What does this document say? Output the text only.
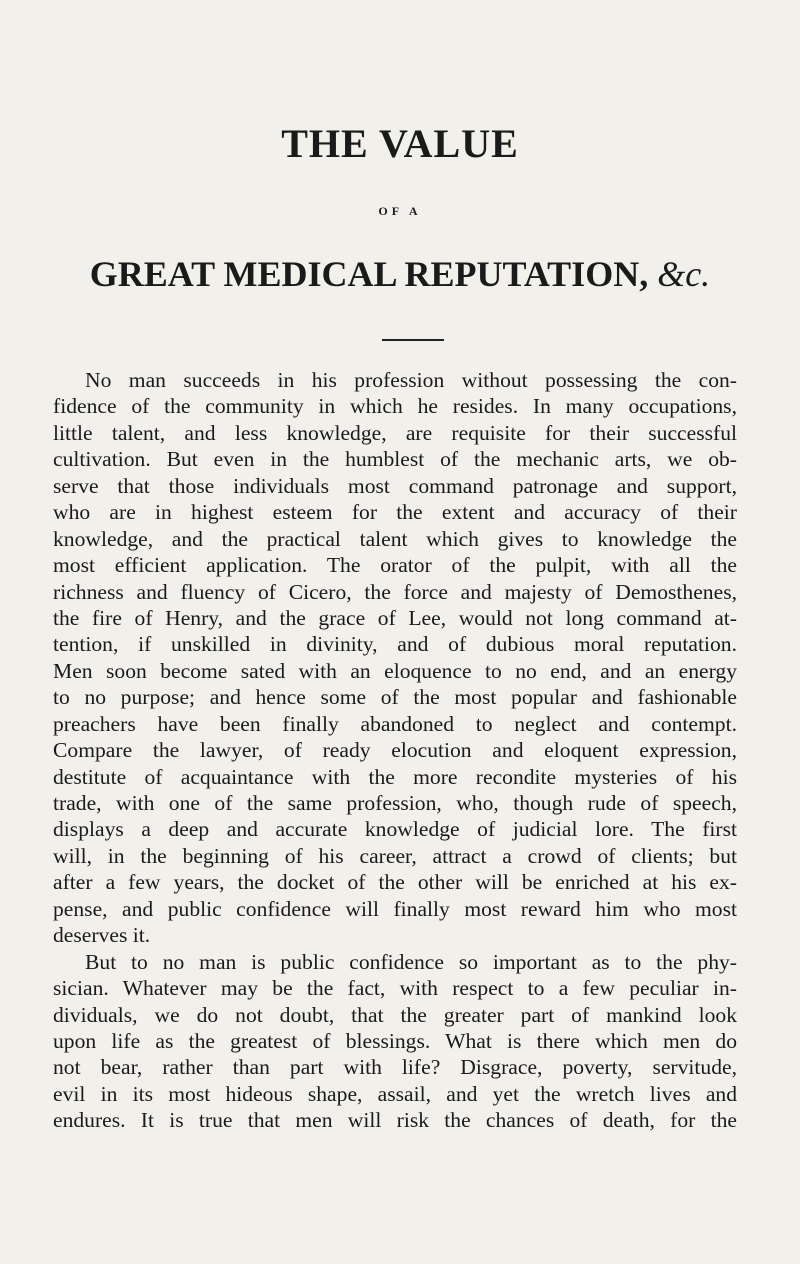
THE VALUE
OF A
GREAT MEDICAL REPUTATION, &c.
No man succeeds in his profession without possessing the con-
fidence of the community in which he resides. In many occupations,
little talent, and less knowledge, are requisite for their successful
cultivation. But even in the humblest of the mechanic arts, we ob-
serve that those individuals most command patronage and support,
who are in highest esteem for the extent and accuracy of their
knowledge, and the practical talent which gives to knowledge the
most efficient application. The orator of the pulpit, with all the
richness and fluency of Cicero, the force and majesty of Demosthenes,
the fire of Henry, and the grace of Lee, would not long command at-
tention, if unskilled in divinity, and of dubious moral reputation.
Men soon become sated with an eloquence to no end, and an energy
to no purpose; and hence some of the most popular and fashionable
preachers have been finally abandoned to neglect and contempt.
Compare the lawyer, of ready elocution and eloquent expression,
destitute of acquaintance with the more recondite mysteries of his
trade, with one of the same profession, who, though rude of speech,
displays a deep and accurate knowledge of judicial lore. The first
will, in the beginning of his career, attract a crowd of clients; but
after a few years, the docket of the other will be enriched at his ex-
pense, and public confidence will finally most reward him who most
deserves it.
But to no man is public confidence so important as to the phy-
sician. Whatever may be the fact, with respect to a few peculiar in-
dividuals, we do not doubt, that the greater part of mankind look
upon life as the greatest of blessings. What is there which men do
not bear, rather than part with life? Disgrace, poverty, servitude,
evil in its most hideous shape, assail, and yet the wretch lives and
endures. It is true that men will risk the chances of death, for the
